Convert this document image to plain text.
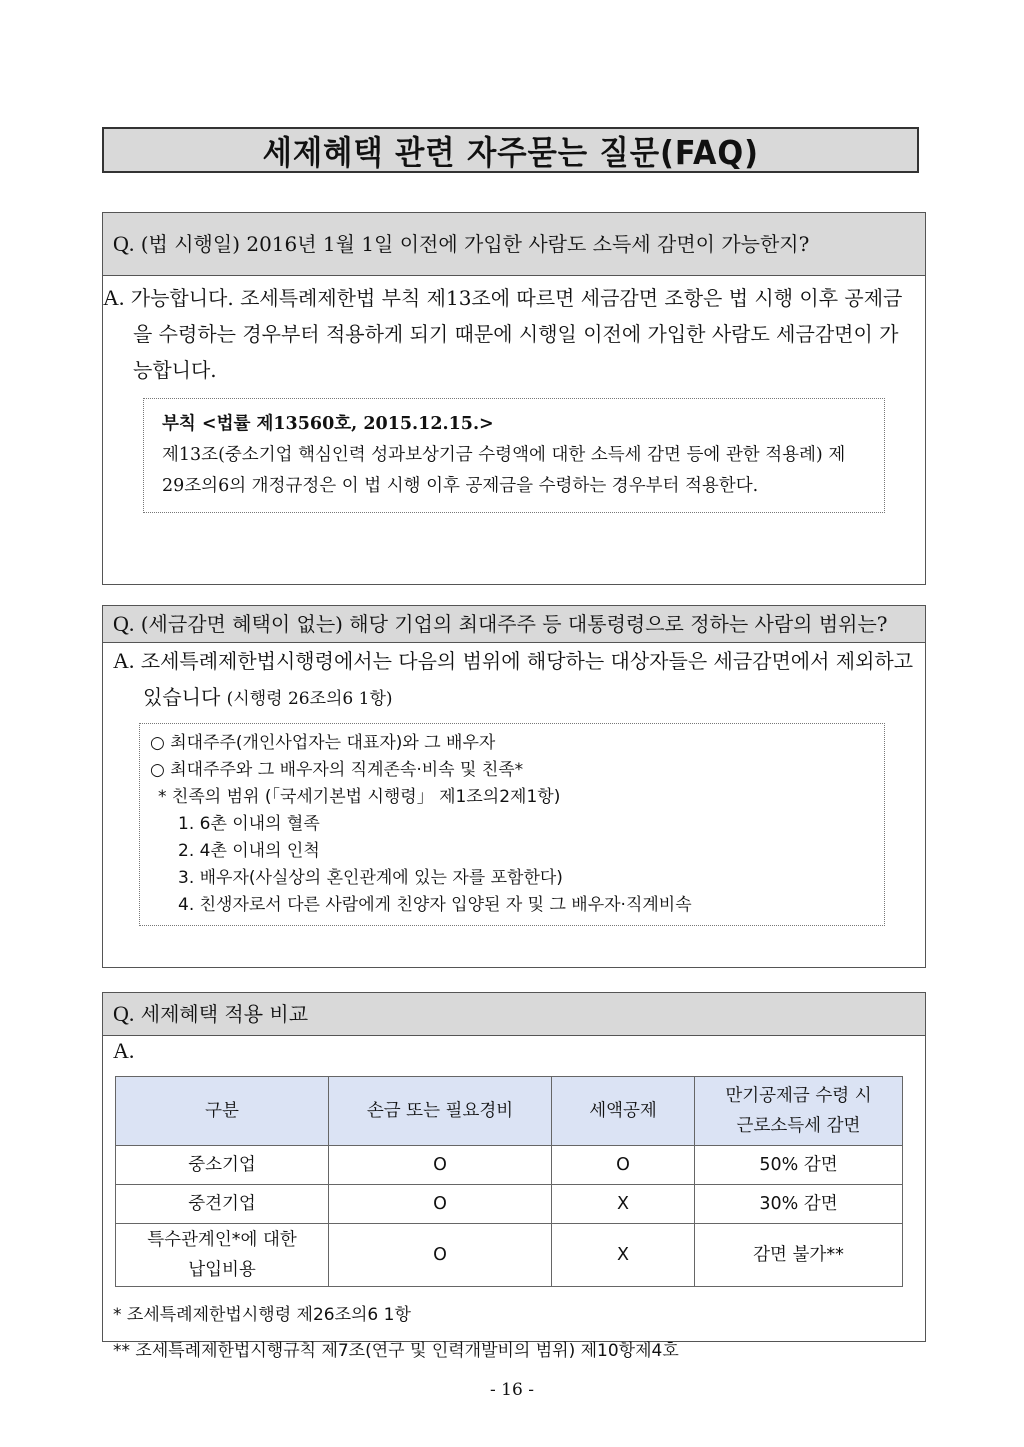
세제혜택 관련 자주묻는 질문(FAQ)
Q. (법 시행일) 2016년 1월 1일 이전에 가입한 사람도 소득세 감면이 가능한지?
A. 가능합니다. 조세특례제한법 부칙 제13조에 따르면 세금감면 조항은 법 시행 이후 공제금을 수령하는 경우부터 적용하게 되기 때문에 시행일 이전에 가입한 사람도 세금감면이 가능합니다.
부칙 <법률 제13560호, 2015.12.15.>
제13조(중소기업 핵심인력 성과보상기금 수령액에 대한 소득세 감면 등에 관한 적용례) 제29조의6의 개정규정은 이 법 시행 이후 공제금을 수령하는 경우부터 적용한다.
Q. (세금감면 혜택이 없는) 해당 기업의 최대주주 등 대통령령으로 정하는 사람의 범위는?
A. 조세특례제한법시행령에서는 다음의 범위에 해당하는 대상자들은 세금감면에서 제외하고 있습니다 (시행령 26조의6 1항)
○ 최대주주(개인사업자는 대표자)와 그 배우자
○ 최대주주와 그 배우자의 직계존속·비속 및 친족*
* 친족의 범위 (「국세기본법 시행령」 제1조의2제1항)
1. 6촌 이내의 혈족
2. 4촌 이내의 인척
3. 배우자(사실상의 혼인관계에 있는 자를 포함한다)
4. 친생자로서 다른 사람에게 친양자 입양된 자 및 그 배우자·직계비속
Q. 세제혜택 적용 비교
A.
구분	손금 또는 필요경비	세액공제	만기공제금 수령 시 근로소득세 감면
중소기업	O	O	50% 감면
중견기업	O	X	30% 감면
특수관계인*에 대한 납입비용	O	X	감면 불가**
* 조세특례제한법시행령 제26조의6 1항
** 조세특례제한법시행규칙 제7조(연구 및 인력개발비의 범위) 제10항제4호
- 16 -
